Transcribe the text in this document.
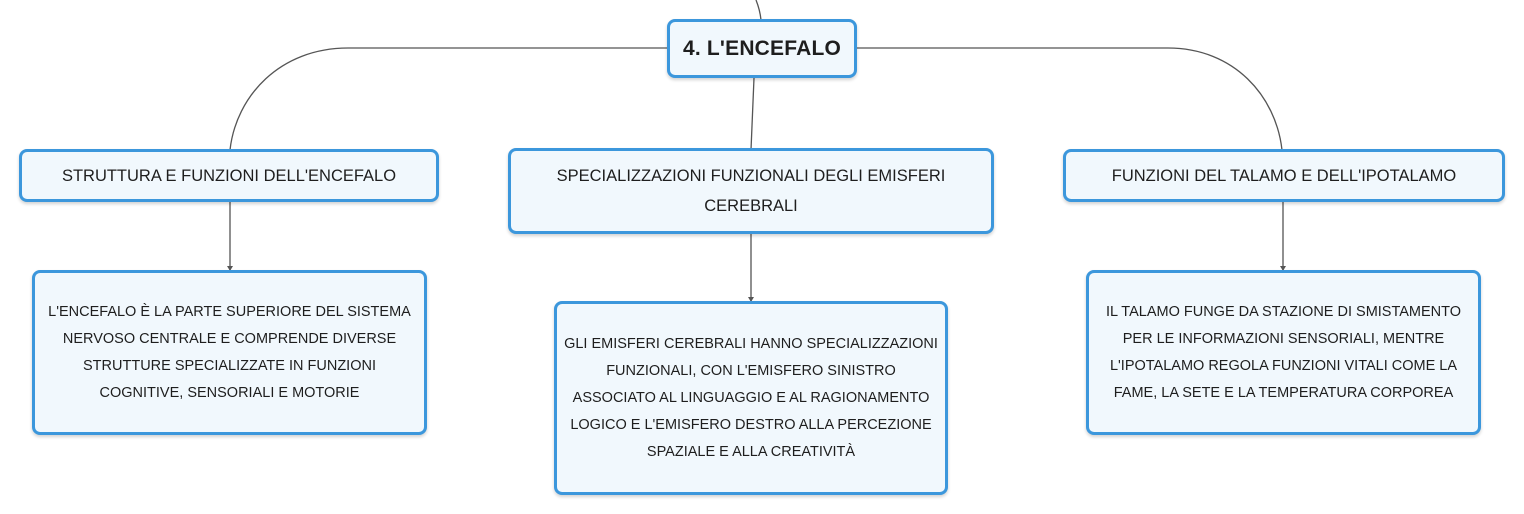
4. L'ENCEFALO
STRUTTURA E FUNZIONI DELL'ENCEFALO
L'ENCEFALO È LA PARTE SUPERIORE DEL SISTEMA NERVOSO CENTRALE E COMPRENDE DIVERSE STRUTTURE SPECIALIZZATE IN FUNZIONI COGNITIVE, SENSORIALI E MOTORIE
SPECIALIZZAZIONI FUNZIONALI DEGLI EMISFERI CEREBRALI
GLI EMISFERI CEREBRALI HANNO SPECIALIZZAZIONI FUNZIONALI, CON L'EMISFERO SINISTRO ASSOCIATO AL LINGUAGGIO E AL RAGIONAMENTO LOGICO E L'EMISFERO DESTRO ALLA PERCEZIONE SPAZIALE E ALLA CREATIVITÀ
FUNZIONI DEL TALAMO E DELL'IPOTALAMO
IL TALAMO FUNGE DA STAZIONE DI SMISTAMENTO PER LE INFORMAZIONI SENSORIALI, MENTRE L'IPOTALAMO REGOLA FUNZIONI VITALI COME LA FAME, LA SETE E LA TEMPERATURA CORPOREA
